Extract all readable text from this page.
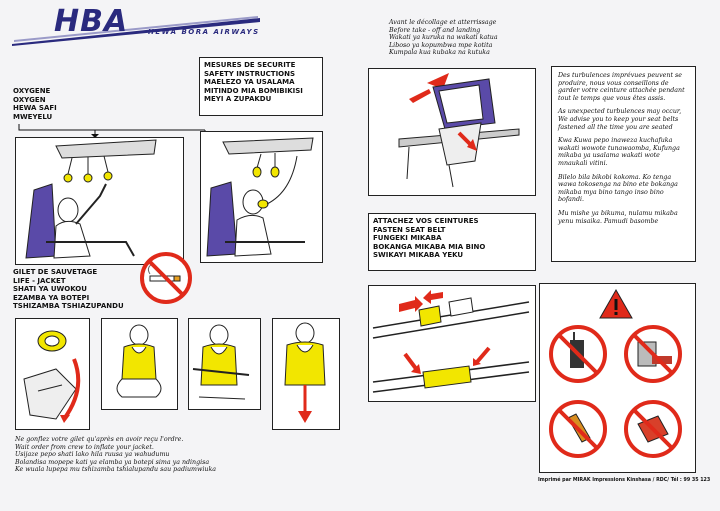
HBA	HEWA BORA AIRWAYS
OXYGENE
OXYGEN
HEWA SAFI
MWEYELU
MESURES DE SECURITE
SAFETY INSTRUCTIONS
MAELEZO YA USALAMA
MITINDO MIA BOMIBIKISI
MEYI A ZUPAKDU
GILET DE SAUVETAGE
LIFE - JACKET
SHATI YA UWOKOU
EZAMBA YA BOTEPI
TSHIZAMBA TSHIAZUPANDU
Ne gonflez votre gilet qu'après en avoir reçu l'ordre.
Wait order from crew to inflate your jacket.
Usijaze pepo shati lako hila ruusa ya wahudumu
Bolandisa mopepe kati ya elamba ya botepi sima ya ndingisa
Ke wuala lupepa mu tshizamba tshialupandu sau padiumwiuka
Avant le décollage et atterrissage
Before take - off and landing
Wakati ya kuruka na wakati katua
Liboso ya kopumbwa mpe kotita
Kumpala kua kubaka na kutuka
ATTACHEZ VOS CEINTURES
FASTEN SEAT BELT
FUNGEKI MIKABA
BOKANGA MIKABA MIA BINO
SWIKAYI MIKABA YEKU

Des turbulences imprévues peuvent se produire, nous vous conseillons de garder votre ceinture attachée pendant tout le temps que vous êtes assis.

As unexpected turbulences may occur, We advise you to keep your seat belts fastened all the time you are seated

Kwa Kuwa pepo inaweza kuchafuka wakati wowote tunawaomba, Kufunga mikaba ya usalama wakati wote mnaukali vitini.

Bilelo bila bikobi kokoma. Ko tenga wawa tokosenga na bino ete bokanga mikaba mya bino tango inso bino bofandi.

Mu mishe ya bikuma, nulamu mikaba yenu misaika. Pamudi basombe

Imprimé par MIRAK Impressions Kinshasa / RDC/ Tél : 99 35 123
